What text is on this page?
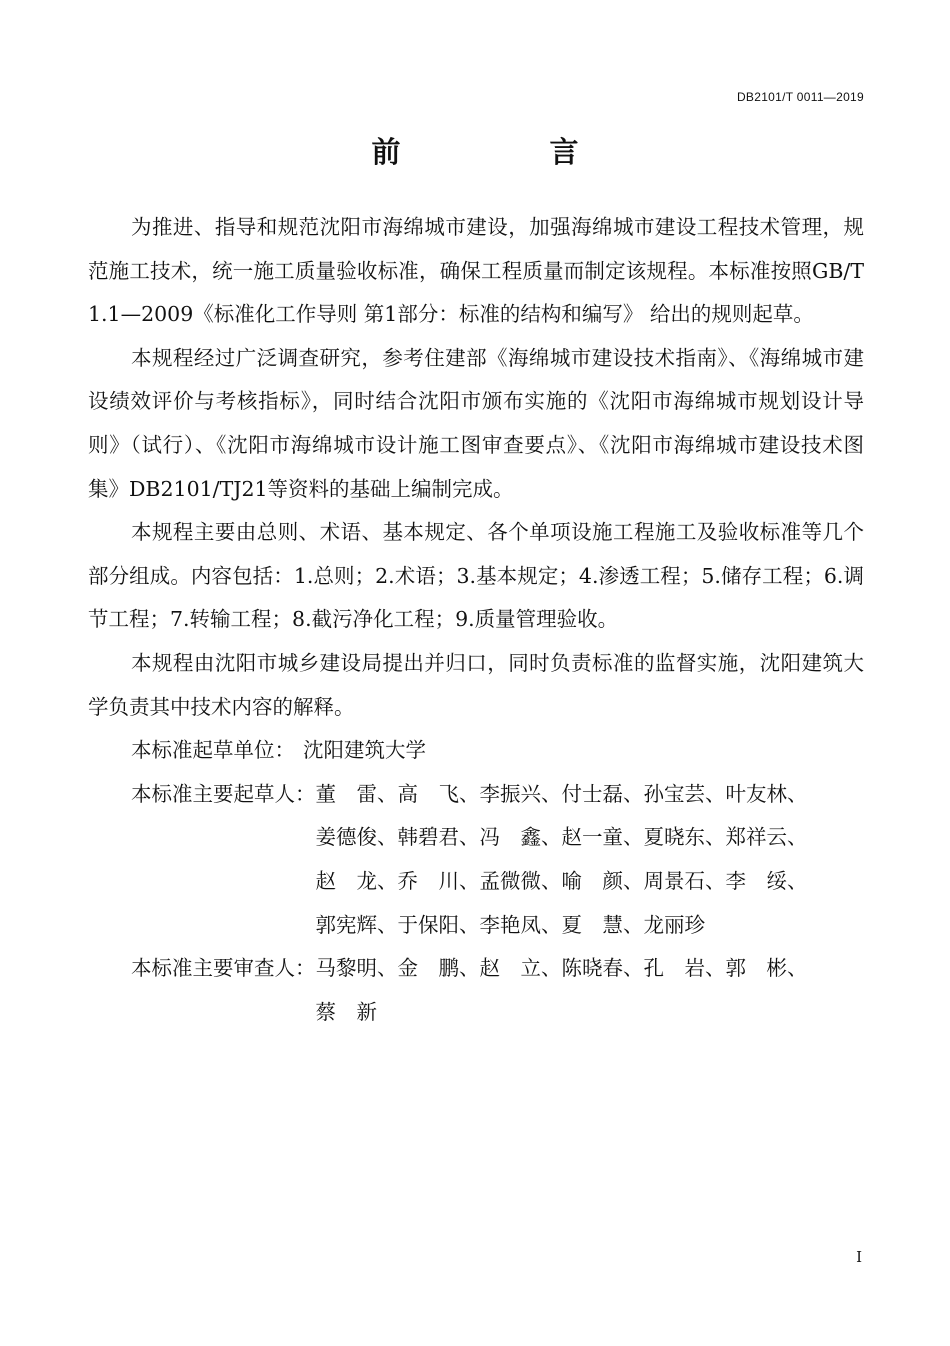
DB2101/T 0011—2019
前　言

为推进、指导和规范沈阳市海绵城市建设，加强海绵城市建设工程技术管理，规范施工技术，统一施工质量验收标准，确保工程质量而制定该规程。本标准按照GB/T 1.1—2009《标准化工作导则 第1部分：标准的结构和编写》 给出的规则起草。

本规程经过广泛调查研究，参考住建部《海绵城市建设技术指南》、《海绵城市建设绩效评价与考核指标》，同时结合沈阳市颁布实施的《沈阳市海绵城市规划设计导则》（试行）、《沈阳市海绵城市设计施工图审查要点》、《沈阳市海绵城市建设技术图集》DB2101/TJ21等资料的基础上编制完成。

本规程主要由总则、术语、基本规定、各个单项设施工程施工及验收标准等几个部分组成。内容包括：1.总则；2.术语；3.基本规定；4.渗透工程；5.储存工程；6.调节工程；7.转输工程；8.截污净化工程；9.质量管理验收。

本规程由沈阳市城乡建设局提出并归口，同时负责标准的监督实施，沈阳建筑大学负责其中技术内容的解释。

本标准起草单位： 沈阳建筑大学
本标准主要起草人： 董　雷、高　飞、李振兴、付士磊、孙宝芸、叶友林、
姜德俊、韩碧君、冯　鑫、赵一童、夏晓东、郑祥云、
赵　龙、乔　川、孟微微、喻　颜、周景石、李　绥、
郭宪辉、于保阳、李艳凤、夏　慧、龙丽珍
本标准主要审查人： 马黎明、金　鹏、赵　立、陈晓春、孔　岩、郭　彬、
蔡　新
I
